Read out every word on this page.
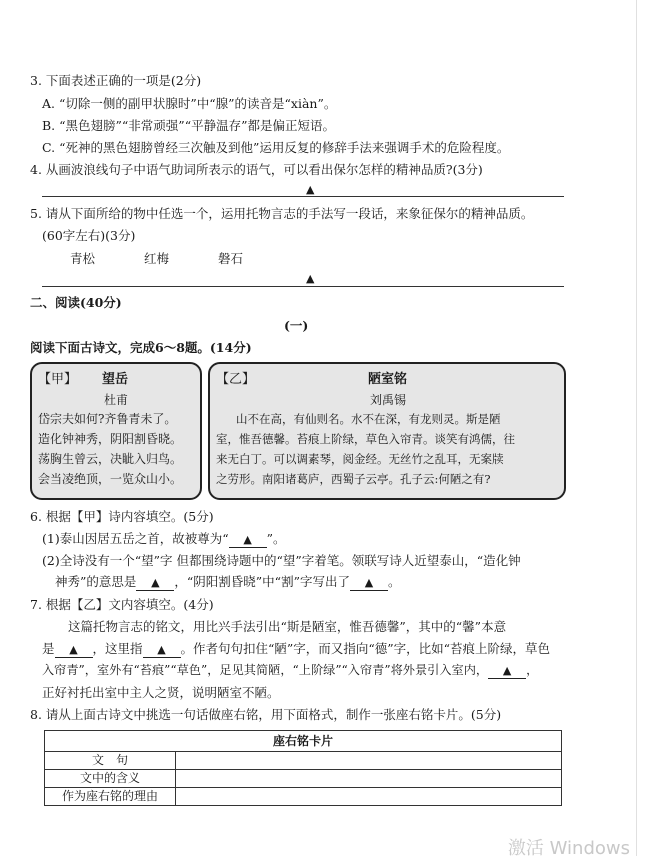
3. 下面表述正确的一项是(2分)
A. “切除一侧的副甲状腺时”中“腺”的读音是“xiàn”。
B. “黑色翅膀”“非常顽强”“平静温存”都是偏正短语。
C. “死神的黑色翅膀曾经三次触及到他”运用反复的修辞手法来强调手术的危险程度。
4. 从画波浪线句子中语气助词所表示的语气，可以看出保尔怎样的精神品质?(3分)
▲
5. 请从下面所给的物中任选一个，运用托物言志的手法写一段话，来象征保尔的精神品质。
(60字左右)(3分)
青松	红梅	磐石
▲
二、阅读(40分)
(一)
阅读下面古诗文，完成6～8题。(14分)
【甲】 望岳
杜甫
岱宗夫如何?齐鲁青未了。
造化钟神秀，阴阳割昏晓。
荡胸生曾云，决眦入归鸟。
会当凌绝顶，一览众山小。
【乙】	陋室铭
刘禹锡
山不在高，有仙则名。水不在深，有龙则灵。斯是陋
室，惟吾德馨。苔痕上阶绿，草色入帘青。谈笑有鸿儒，往
来无白丁。可以调素琴，阅金经。无丝竹之乱耳，无案牍
之劳形。南阳诸葛庐，西蜀子云亭。孔子云:何陋之有?
6. 根据【甲】诗内容填空。(5分)
(1)泰山因居五岳之首，故被尊为“ ▲ ”。
(2)全诗没有一个“望”字 但都围绕诗题中的“望”字着笔。领联写诗人近望泰山，“造化钟
神秀”的意思是 ▲ ，“阴阳割昏晓”中“割”字写出了 ▲ 。
7. 根据【乙】文内容填空。(4分)
这篇托物言志的铭文，用比兴手法引出“斯是陋室，惟吾德馨”，其中的“馨”本意
是 ▲ ，这里指 ▲ 。作者句句扣住“陋”字，而又指向“德”字，比如“苔痕上阶绿，草色
入帘青”，室外有“苔痕”“草色”，足见其简陋，“上阶绿”“入帘青”将外景引入室内， ▲ ，
正好衬托出室中主人之贤，说明陋室不陋。
8. 请从上面古诗文中挑选一句话做座右铭，用下面格式，制作一张座右铭卡片。(5分)
座右铭卡片	
文　句	
文中的含义	
作为座右铭的理由	
激活 Windows
